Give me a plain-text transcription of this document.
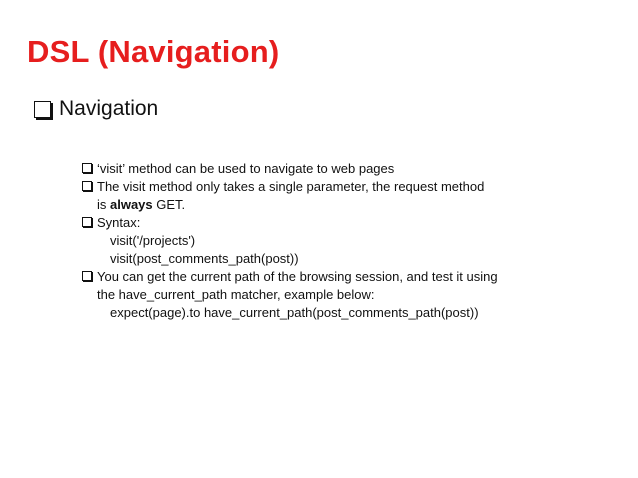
DSL (Navigation)
Navigation
‘visit’ method can be used to navigate to web pages
The visit method only takes a single parameter, the request method
is always GET.
Syntax:
visit('/projects')
visit(post_comments_path(post))
You can get the current path of the browsing session, and test it using
the have_current_path matcher, example below:
expect(page).to have_current_path(post_comments_path(post))
